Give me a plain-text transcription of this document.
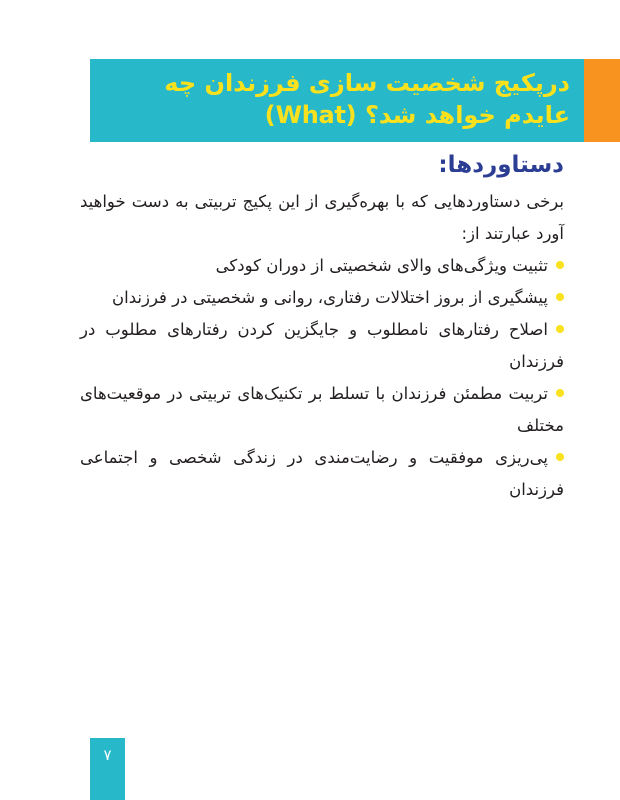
درپکیج شخصیت سازی فرزندان چه عایدم خواهد شد؟ (What)
دستاوردها:

برخی دستاوردهایی که با بهره‌گیری از این پکیج تربیتی به دست خواهید آورد عبارتند از:

تثبیت ویژگی‌های والای شخصیتی از دوران کودکی
پیشگیری از بروز اختلالات رفتاری، روانی و شخصیتی در فرزندان
اصلاح رفتارهای نامطلوب و جایگزین کردن رفتارهای مطلوب در فرزندان
تربیت مطمئن فرزندان با تسلط بر تکنیک‌های تربیتی در موقعیت‌های مختلف
پی‌ریزی موفقیت و رضایت‌مندی در زندگی شخصی و اجتماعی فرزندان
۷
